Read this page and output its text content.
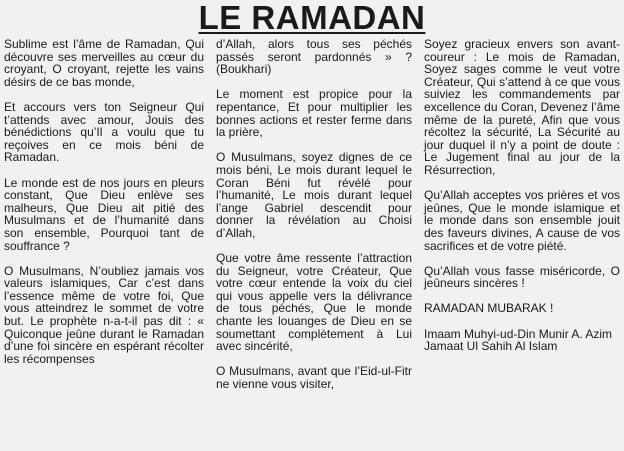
LE RAMADAN

Sublime est l’âme de Ramadan, Qui découvre ses merveilles au cœur du croyant, O croyant, rejette les vains désirs de ce bas monde,

Et accours vers ton Seigneur Qui t’attends avec amour, Jouis des bénédictions qu’Il a voulu que tu reçoives en ce mois béni de Ramadan.

Le monde est de nos jours en pleurs constant, Que Dieu enlève ses malheurs, Que Dieu ait pitié des Musulmans et de l’humanité dans son ensemble, Pourquoi tant de souffrance ?

O Musulmans, N’oubliez jamais vos valeurs islamiques, Car c’est dans l’essence même de votre foi, Que vous atteindrez le sommet de votre but. Le prophète n-a-t-il pas dit : « Quiconque jeûne durant le Ramadan d’une foi sincère en espérant récolter les récompenses

d’Allah, alors tous ses péchés passés seront pardonnés » ? (Boukhari)

Le moment est propice pour la repentance, Et pour multiplier les bonnes actions et rester ferme dans la prière,

O Musulmans, soyez dignes de ce mois béni, Le mois durant lequel le Coran Béni fut révélé pour l’humanité, Le mois durant lequel l’ange Gabriel descendit pour donner la révélation au Choisi d’Allah,

Que votre âme ressente l’attraction du Seigneur, votre Créateur, Que votre cœur entende la voix du ciel qui vous appelle vers la délivrance de tous péchés, Que le monde chante les louanges de Dieu en se soumettant complètement à Lui avec sincérité,

O Musulmans, avant que l’Eid-ul-Fitr ne vienne vous visiter,

Soyez gracieux envers son avant-coureur : Le mois de Ramadan, Soyez sages comme le veut votre Créateur, Qui s’attend à ce que vous suiviez les commandements par excellence du Coran, Devenez l’âme même de la pureté, Afin que vous récoltez la sécurité, La Sécurité au jour duquel il n’y a point de doute : Le Jugement final au jour de la Résurrection,

Qu’Allah acceptes vos prières et vos jeûnes, Que le monde islamique et le monde dans son ensemble jouit des faveurs divines, A cause de vos sacrifices et de votre piété.

Qu’Allah vous fasse miséricorde, O jeûneurs sincères !

RAMADAN MUBARAK !

Imaam Muhyi-ud-Din Munir A. Azim
Jamaat Ul Sahih Al Islam
